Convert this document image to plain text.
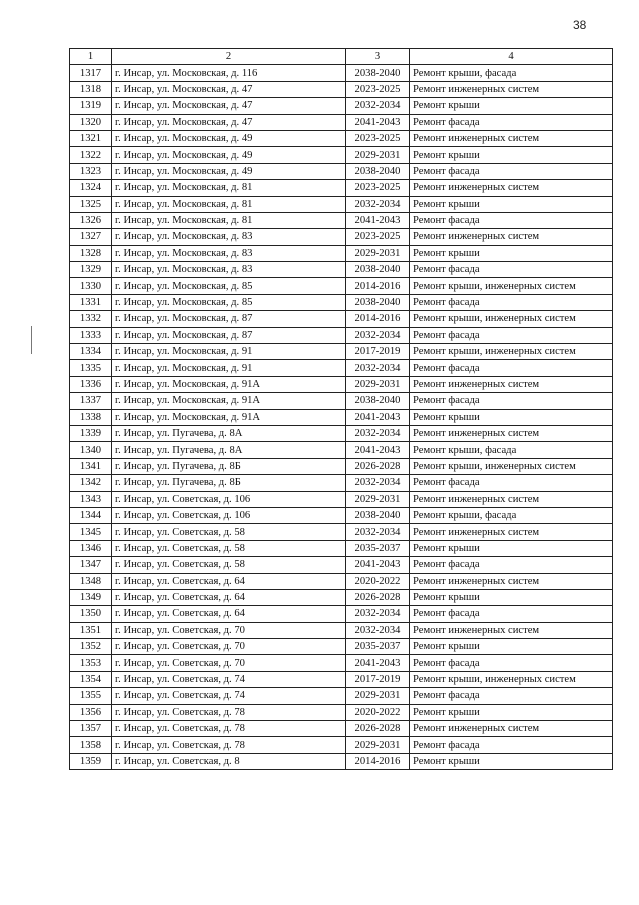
38
1	2	3	4
1317	г. Инсар, ул. Московская, д. 116	2038-2040	Ремонт крыши, фасада
1318	г. Инсар, ул. Московская, д. 47	2023-2025	Ремонт инженерных систем
1319	г. Инсар, ул. Московская, д. 47	2032-2034	Ремонт крыши
1320	г. Инсар, ул. Московская, д. 47	2041-2043	Ремонт фасада
1321	г. Инсар, ул. Московская, д. 49	2023-2025	Ремонт инженерных систем
1322	г. Инсар, ул. Московская, д. 49	2029-2031	Ремонт крыши
1323	г. Инсар, ул. Московская, д. 49	2038-2040	Ремонт фасада
1324	г. Инсар, ул. Московская, д. 81	2023-2025	Ремонт инженерных систем
1325	г. Инсар, ул. Московская, д. 81	2032-2034	Ремонт крыши
1326	г. Инсар, ул. Московская, д. 81	2041-2043	Ремонт фасада
1327	г. Инсар, ул. Московская, д. 83	2023-2025	Ремонт инженерных систем
1328	г. Инсар, ул. Московская, д. 83	2029-2031	Ремонт крыши
1329	г. Инсар, ул. Московская, д. 83	2038-2040	Ремонт фасада
1330	г. Инсар, ул. Московская, д. 85	2014-2016	Ремонт крыши, инженерных систем
1331	г. Инсар, ул. Московская, д. 85	2038-2040	Ремонт фасада
1332	г. Инсар, ул. Московская, д. 87	2014-2016	Ремонт крыши, инженерных систем
1333	г. Инсар, ул. Московская, д. 87	2032-2034	Ремонт фасада
1334	г. Инсар, ул. Московская, д. 91	2017-2019	Ремонт крыши, инженерных систем
1335	г. Инсар, ул. Московская, д. 91	2032-2034	Ремонт фасада
1336	г. Инсар, ул. Московская, д. 91А	2029-2031	Ремонт инженерных систем
1337	г. Инсар, ул. Московская, д. 91А	2038-2040	Ремонт фасада
1338	г. Инсар, ул. Московская, д. 91А	2041-2043	Ремонт крыши
1339	г. Инсар, ул. Пугачева, д. 8А	2032-2034	Ремонт инженерных систем
1340	г. Инсар, ул. Пугачева, д. 8А	2041-2043	Ремонт крыши, фасада
1341	г. Инсар, ул. Пугачева, д. 8Б	2026-2028	Ремонт крыши, инженерных систем
1342	г. Инсар, ул. Пугачева, д. 8Б	2032-2034	Ремонт фасада
1343	г. Инсар, ул. Советская, д. 106	2029-2031	Ремонт инженерных систем
1344	г. Инсар, ул. Советская, д. 106	2038-2040	Ремонт крыши, фасада
1345	г. Инсар, ул. Советская, д. 58	2032-2034	Ремонт инженерных систем
1346	г. Инсар, ул. Советская, д. 58	2035-2037	Ремонт крыши
1347	г. Инсар, ул. Советская, д. 58	2041-2043	Ремонт фасада
1348	г. Инсар, ул. Советская, д. 64	2020-2022	Ремонт инженерных систем
1349	г. Инсар, ул. Советская, д. 64	2026-2028	Ремонт крыши
1350	г. Инсар, ул. Советская, д. 64	2032-2034	Ремонт фасада
1351	г. Инсар, ул. Советская, д. 70	2032-2034	Ремонт инженерных систем
1352	г. Инсар, ул. Советская, д. 70	2035-2037	Ремонт крыши
1353	г. Инсар, ул. Советская, д. 70	2041-2043	Ремонт фасада
1354	г. Инсар, ул. Советская, д. 74	2017-2019	Ремонт крыши, инженерных систем
1355	г. Инсар, ул. Советская, д. 74	2029-2031	Ремонт фасада
1356	г. Инсар, ул. Советская, д. 78	2020-2022	Ремонт крыши
1357	г. Инсар, ул. Советская, д. 78	2026-2028	Ремонт инженерных систем
1358	г. Инсар, ул. Советская, д. 78	2029-2031	Ремонт фасада
1359	г. Инсар, ул. Советская, д. 8	2014-2016	Ремонт крыши
